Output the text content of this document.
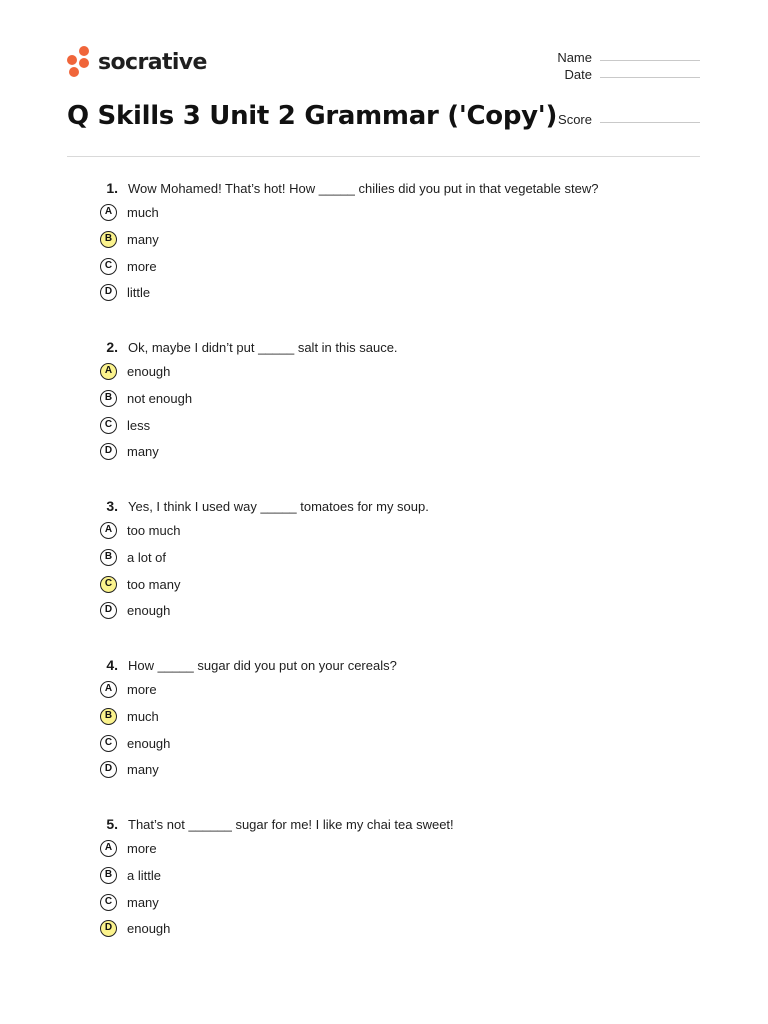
socrative	Name
Date
Q Skills 3 Unit 2 Grammar ('Copy') Score
1. Wow Mohamed! That’s hot! How _____ chilies did you put in that vegetable stew?
A	much
B	many
C	more
D	little
2. Ok, maybe I didn’t put _____ salt in this sauce.
A	enough
B	not enough
C	less
D	many
3. Yes, I think I used way _____ tomatoes for my soup.
A	too much
B	a lot of
C	too many
D	enough
4. How _____ sugar did you put on your cereals?
A	more
B	much
C	enough
D	many
5. That’s not ______ sugar for me! I like my chai tea sweet!
A	more
B	a little
C	many
D	enough
